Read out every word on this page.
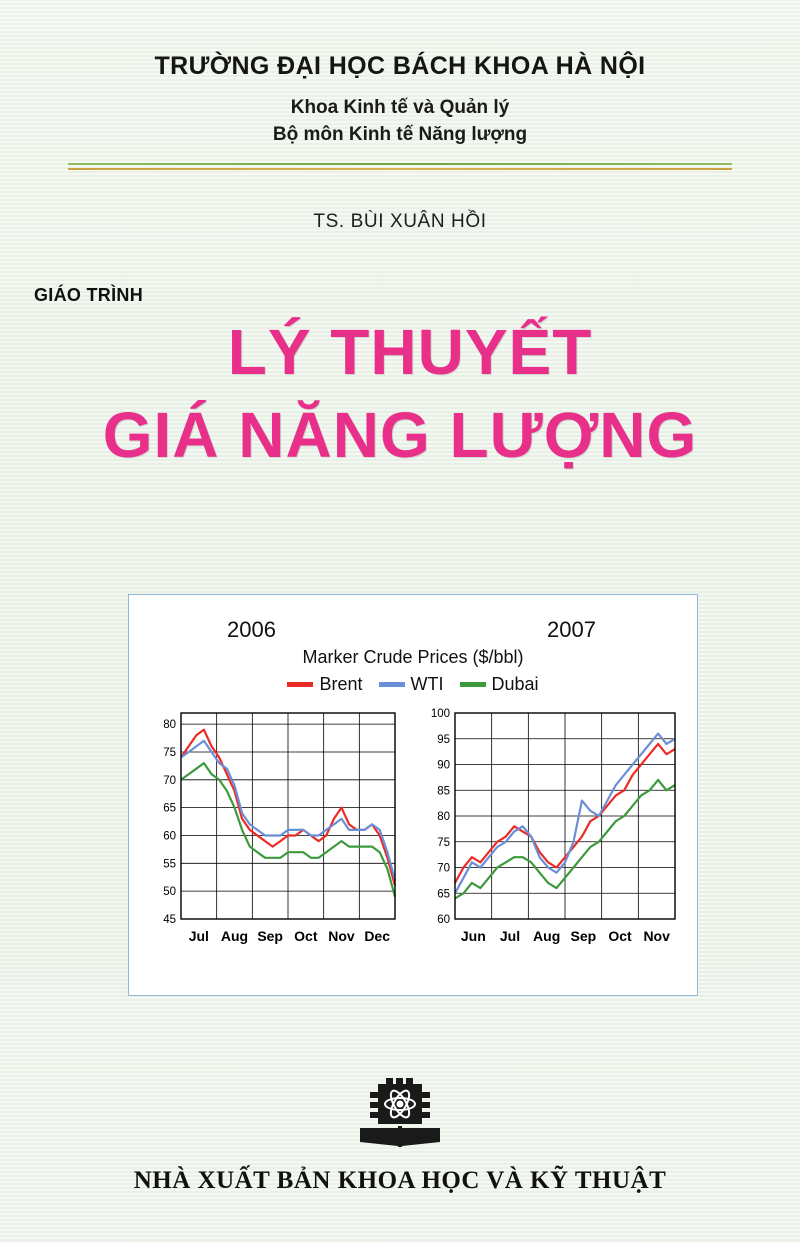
TRƯỜNG ĐẠI HỌC BÁCH KHOA HÀ NỘI
Khoa Kinh tế và Quản lý
Bộ môn Kinh tế Năng lượng
TS. BÙI XUÂN HỒI
GIÁO TRÌNH
LÝ THUYẾT
GIÁ NĂNG LƯỢNG
2006	2007
Marker Crude Prices ($/bbl)
Brent	WTI	Dubai
45
50
55
60
65
70
75
80
Jul Aug Sep Oct Nov Dec
60
65
70
75
80
85
90
95
100
Jun Jul Aug Sep Oct Nov
NHÀ XUẤT BẢN KHOA HỌC VÀ KỸ THUẬT
